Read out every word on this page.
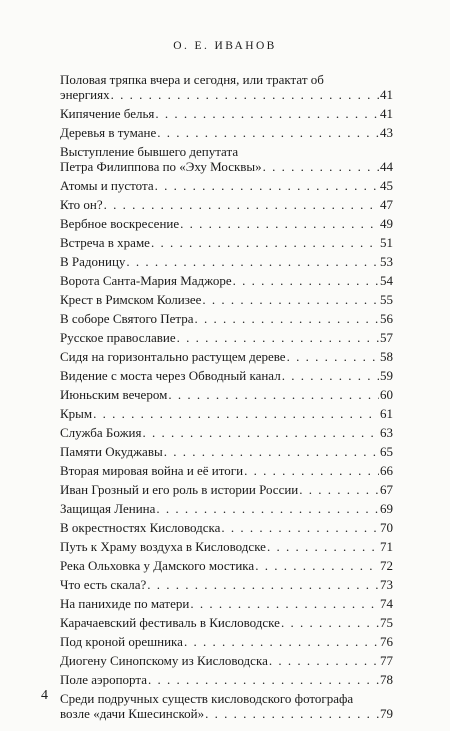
О. Е. ИВАНОВ
Половая тряпка вчера и сегодня, или трактат об
энергиях . . .	41
Кипячение белья . . .	41
Деревья в тумане . . .	43
Выступление бывшего депутата
Петра Филиппова по «Эху Москвы» . . .	44
Атомы и пустота . . .	45
Кто он? . . .	47
Вербное воскресение . . .	49
Встреча в храме . . .	51
В Радоницу . . .	53
Ворота Санта-Мария Маджоре . . .	54
Крест в Римском Колизее . . .	55
В соборе Святого Петра . . .	56
Русское православие . . .	57
Сидя на горизонтально растущем дереве . . .	58
Видение с моста через Обводный канал . . .	59
Июньским вечером . . .	60
Крым . . .	61
Служба Божия . . .	63
Памяти Окуджавы . . .	65
Вторая мировая война и её итоги . . .	66
Иван Грозный и его роль в истории России . . .	67
Защищая Ленина . . .	69
В окрестностях Кисловодска . . .	70
Путь к Храму воздуха в Кисловодске . . .	71
Река Ольховка у Дамского мостика . . .	72
Что есть скала? . . .	73
На панихиде по матери . . .	74
Карачаевский фестиваль в Кисловодске . . .	75
Под кроной орешника . . .	76
Диогену Синопскому из Кисловодска . . .	77
Поле аэропорта . . .	78
Среди подручных существ кисловодского фотографа
возле «дачи Кшесинской» . . .	79
4
